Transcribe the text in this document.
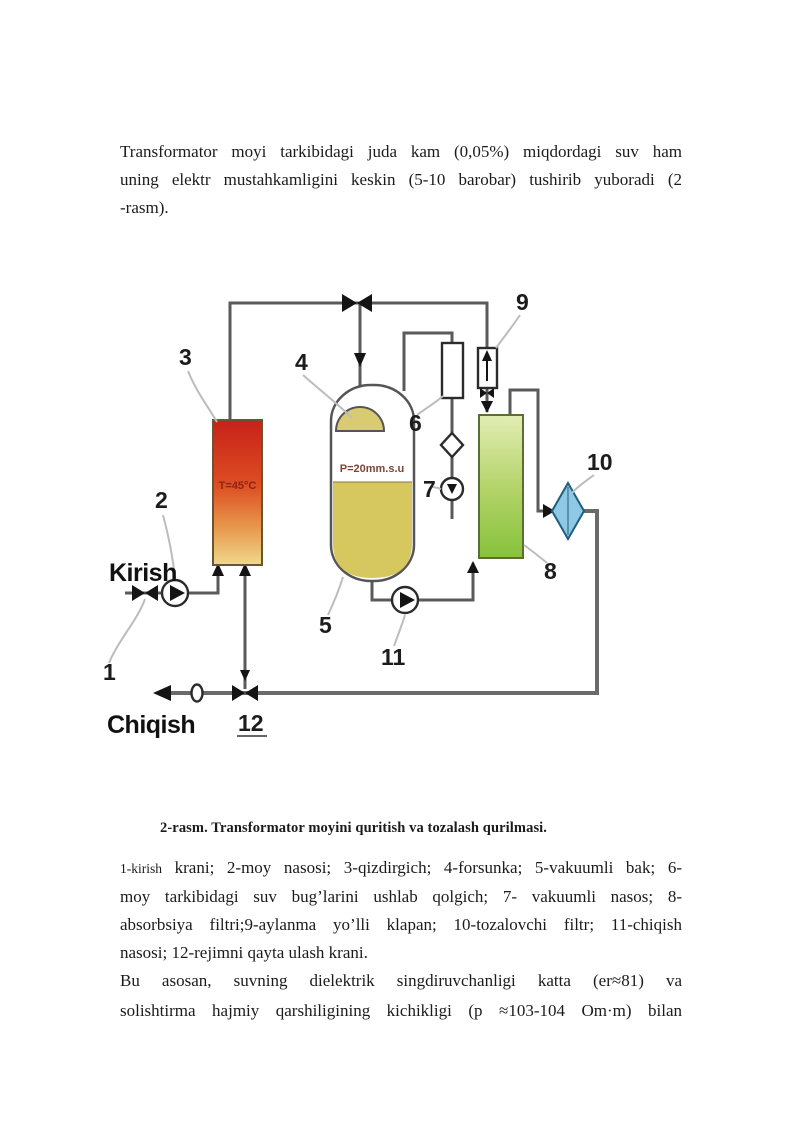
Transformator moyi tarkibidagi juda kam (0,05%) miqdordagi suv ham
uning elektr mustahkamligini keskin (5-10 barobar) tushirib yuboradi (2
-rasm).
T=45°C
P=20mm.s.u
1
2
3	4
5
6
7
8
9
10
11
12
Kirish
Chiqish
2-rasm. Transformator moyini quritish va tozalash qurilmasi.
1-kirish krani; 2-moy nasosi; 3-qizdirgich; 4-forsunka; 5-vakuumli bak; 6-
moy tarkibidagi suv bug’larini ushlab qolgich; 7- vakuumli nasos; 8-
absorbsiya filtri;9-aylanma yo’lli klapan; 10-tozalovchi filtr; 11-chiqish
nasosi; 12-rejimni qayta ulash krani.
Bu asosan, suvning dielektrik singdiruvchanligi katta (er≈81) va
solishtirma hajmiy qarshiligining kichikligi (p ≈103-104 Om·m) bilan
